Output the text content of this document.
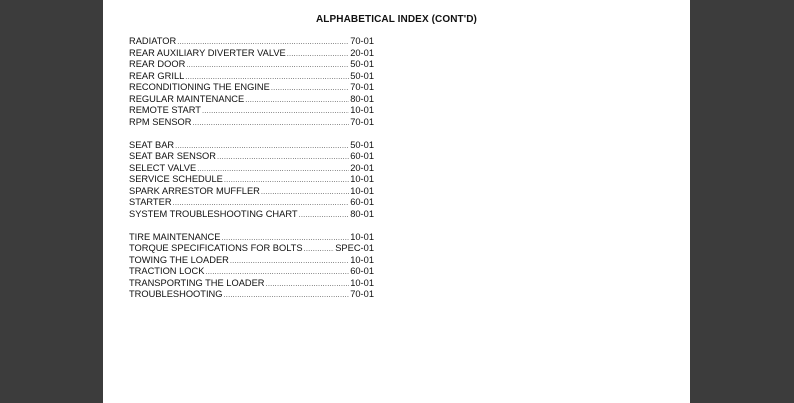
ALPHABETICAL INDEX (CONT'D)
RADIATOR .....	70-01
REAR AUXILIARY DIVERTER VALVE .....	20-01
REAR DOOR .....	50-01
REAR GRILL .....	50-01
RECONDITIONING THE ENGINE .....	70-01
REGULAR MAINTENANCE .....	80-01
REMOTE START .....	10-01
RPM SENSOR .....	70-01
SEAT BAR .....	50-01
SEAT BAR SENSOR .....	60-01
SELECT VALVE .....	20-01
SERVICE SCHEDULE .....	10-01
SPARK ARRESTOR MUFFLER .....	10-01
STARTER .....	60-01
SYSTEM TROUBLESHOOTING CHART .....	80-01
TIRE MAINTENANCE .....	10-01
TORQUE SPECIFICATIONS FOR BOLTS .....	SPEC-01
TOWING THE LOADER .....	10-01
TRACTION LOCK .....	60-01
TRANSPORTING THE LOADER .....	10-01
TROUBLESHOOTING .....	70-01
